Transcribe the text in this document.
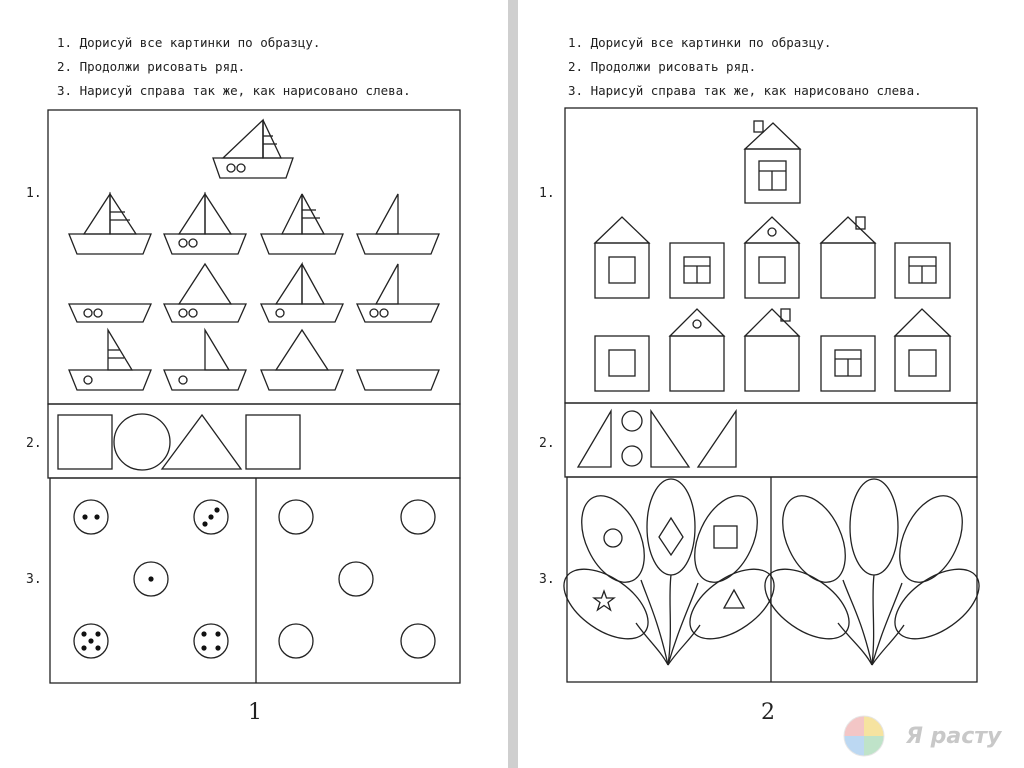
1. Дорисуй все картинки по образцу.
2. Продолжи рисовать ряд.
3. Нарисуй справа так же, как нарисовано слева.
1.
2.
3.
1
1. Дорисуй все картинки по образцу.
2. Продолжи рисовать ряд.
3. Нарисуй справа так же, как нарисовано слева.
1.
2.
3.
2
Я расту
